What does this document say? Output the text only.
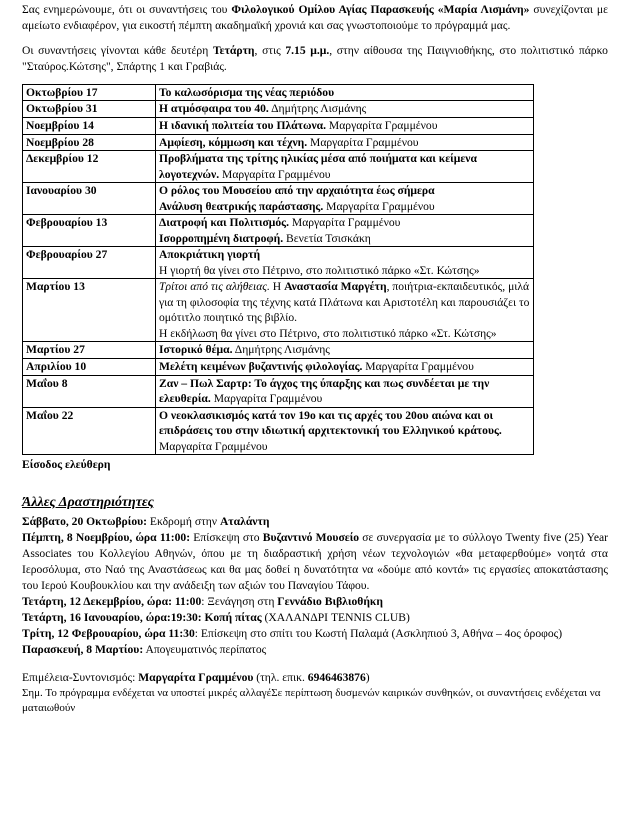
Σας ενημερώνουμε, ότι οι συναντήσεις του Φιλολογικού Ομίλου Αγίας Παρασκευής «Μαρία Λισμάνη» συνεχίζονται με αμείωτο ενδιαφέρον, για εικοστή πέμπτη ακαδημαϊκή χρονιά και σας γνωστοποιούμε το πρόγραμμά μας.

Οι συναντήσεις γίνονται κάθε δευτέρη Τετάρτη, στις 7.15 μ.μ., στην αίθουσα της Παιγνιοθήκης, στο πολιτιστικό πάρκο "Σταύρος.Κώτσης", Σπάρτης 1 και Γραβιάς.

Οκτωβρίου 17	Το καλωσόρισμα της νέας περιόδου

Οκτωβρίου 31	Η ατμόσφαιρα του 40. Δημήτρης Λισμάνης

Νοεμβρίου 14	Η ιδανική πολιτεία του Πλάτωνα. Μαργαρίτα Γραμμένου

Νοεμβρίου 28	Αμφίεση, κόμμωση και τέχνη. Μαργαρίτα Γραμμένου

Δεκεμβρίου 12	Προβλήματα της τρίτης ηλικίας μέσα από ποιήματα και κείμενα λογοτεχνών. Μαργαρίτα Γραμμένου

Ιανουαρίου 30	Ο ρόλος του Μουσείου από την αρχαιότητα έως σήμερα
Ανάλυση θεατρικής παράστασης. Μαργαρίτα Γραμμένου

Φεβρουαρίου 13	Διατροφή και Πολιτισμός. Μαργαρίτα Γραμμένου
Ισορροπημένη διατροφή. Βενετία Τσισκάκη

Φεβρουαρίου 27	Αποκριάτικη γιορτή
Η γιορτή θα γίνει στο Πέτρινο, στο πολιτιστικό πάρκο «Στ. Κώτσης»

Μαρτίου 13	Τρίτοι από τις αλήθειας. Η Αναστασία Μαργέτη, ποιήτρια-εκπαιδευτικός, μιλά για τη φιλοσοφία της τέχνης κατά Πλάτωνα και Αριστοτέλη και παρουσιάζει το ομότιτλο ποιητικό της βιβλίο.
Η εκδήλωση θα γίνει στο Πέτρινο, στο πολιτιστικό πάρκο «Στ. Κώτσης»

Μαρτίου 27	Ιστορικό θέμα. Δημήτρης Λισμάνης

Απριλίου 10	Μελέτη κειμένων βυζαντινής φιλολογίας. Μαργαρίτα Γραμμένου

Μαΐου 8	Ζαν – Πωλ Σαρτρ: Το άγχος της ύπαρξης και πως συνδέεται με την ελευθερία. Μαργαρίτα Γραμμένου

Μαΐου 22	Ο νεοκλασικισμός κατά τον 19ο και τις αρχές του 20ου αιώνα και οι επιδράσεις του στην ιδιωτική αρχιτεκτονική του Ελληνικού κράτους.
Μαργαρίτα Γραμμένου
Είσοδος ελεύθερη
Άλλες Δραστηριότητες

Σάββατο, 20 Οκτωβρίου: Εκδρομή στην Αταλάντη

Πέμπτη, 8 Νοεμβρίου, ώρα 11:00: Επίσκεψη στο Βυζαντινό Μουσείο σε συνεργασία με το σύλλογο Twenty five (25) Year Associates του Κολλεγίου Αθηνών, όπου με τη διαδραστική χρήση νέων τεχνολογιών «θα μεταφερθούμε» νοητά στα Ιεροσόλυμα, στο Ναό της Αναστάσεως και θα μας δοθεί η δυνατότητα να «δούμε από κοντά» τις εργασίες αποκατάστασης του Ιερού Κουβουκλίου και την ανάδειξη των αξιών του Παναγίου Τάφου.

Τετάρτη, 12 Δεκεμβρίου, ώρα: 11:00: Ξενάγηση στη Γεννάδιο Βιβλιοθήκη

Τετάρτη, 16 Ιανουαρίου, ώρα:19:30: Κοπή πίτας (ΧΑΛΑΝΔΡΙ TENNIS CLUB)

Τρίτη, 12 Φεβρουαρίου, ώρα 11:30: Επίσκεψη στο σπίτι του Κωστή Παλαμά (Ασκληπιού 3, Αθήνα – 4ος όροφος)

Παρασκευή, 8 Μαρτίου: Απογευματινός περίπατος

Επιμέλεια-Συντονισμός: Μαργαρίτα Γραμμένου (τηλ. επικ. 6946463876)

Σημ. Το πρόγραμμα ενδέχεται να υποστεί μικρές αλλαγέΣε περίπτωση δυσμενών καιρικών συνθηκών, οι συναντήσεις ενδέχεται να ματαιωθούν
